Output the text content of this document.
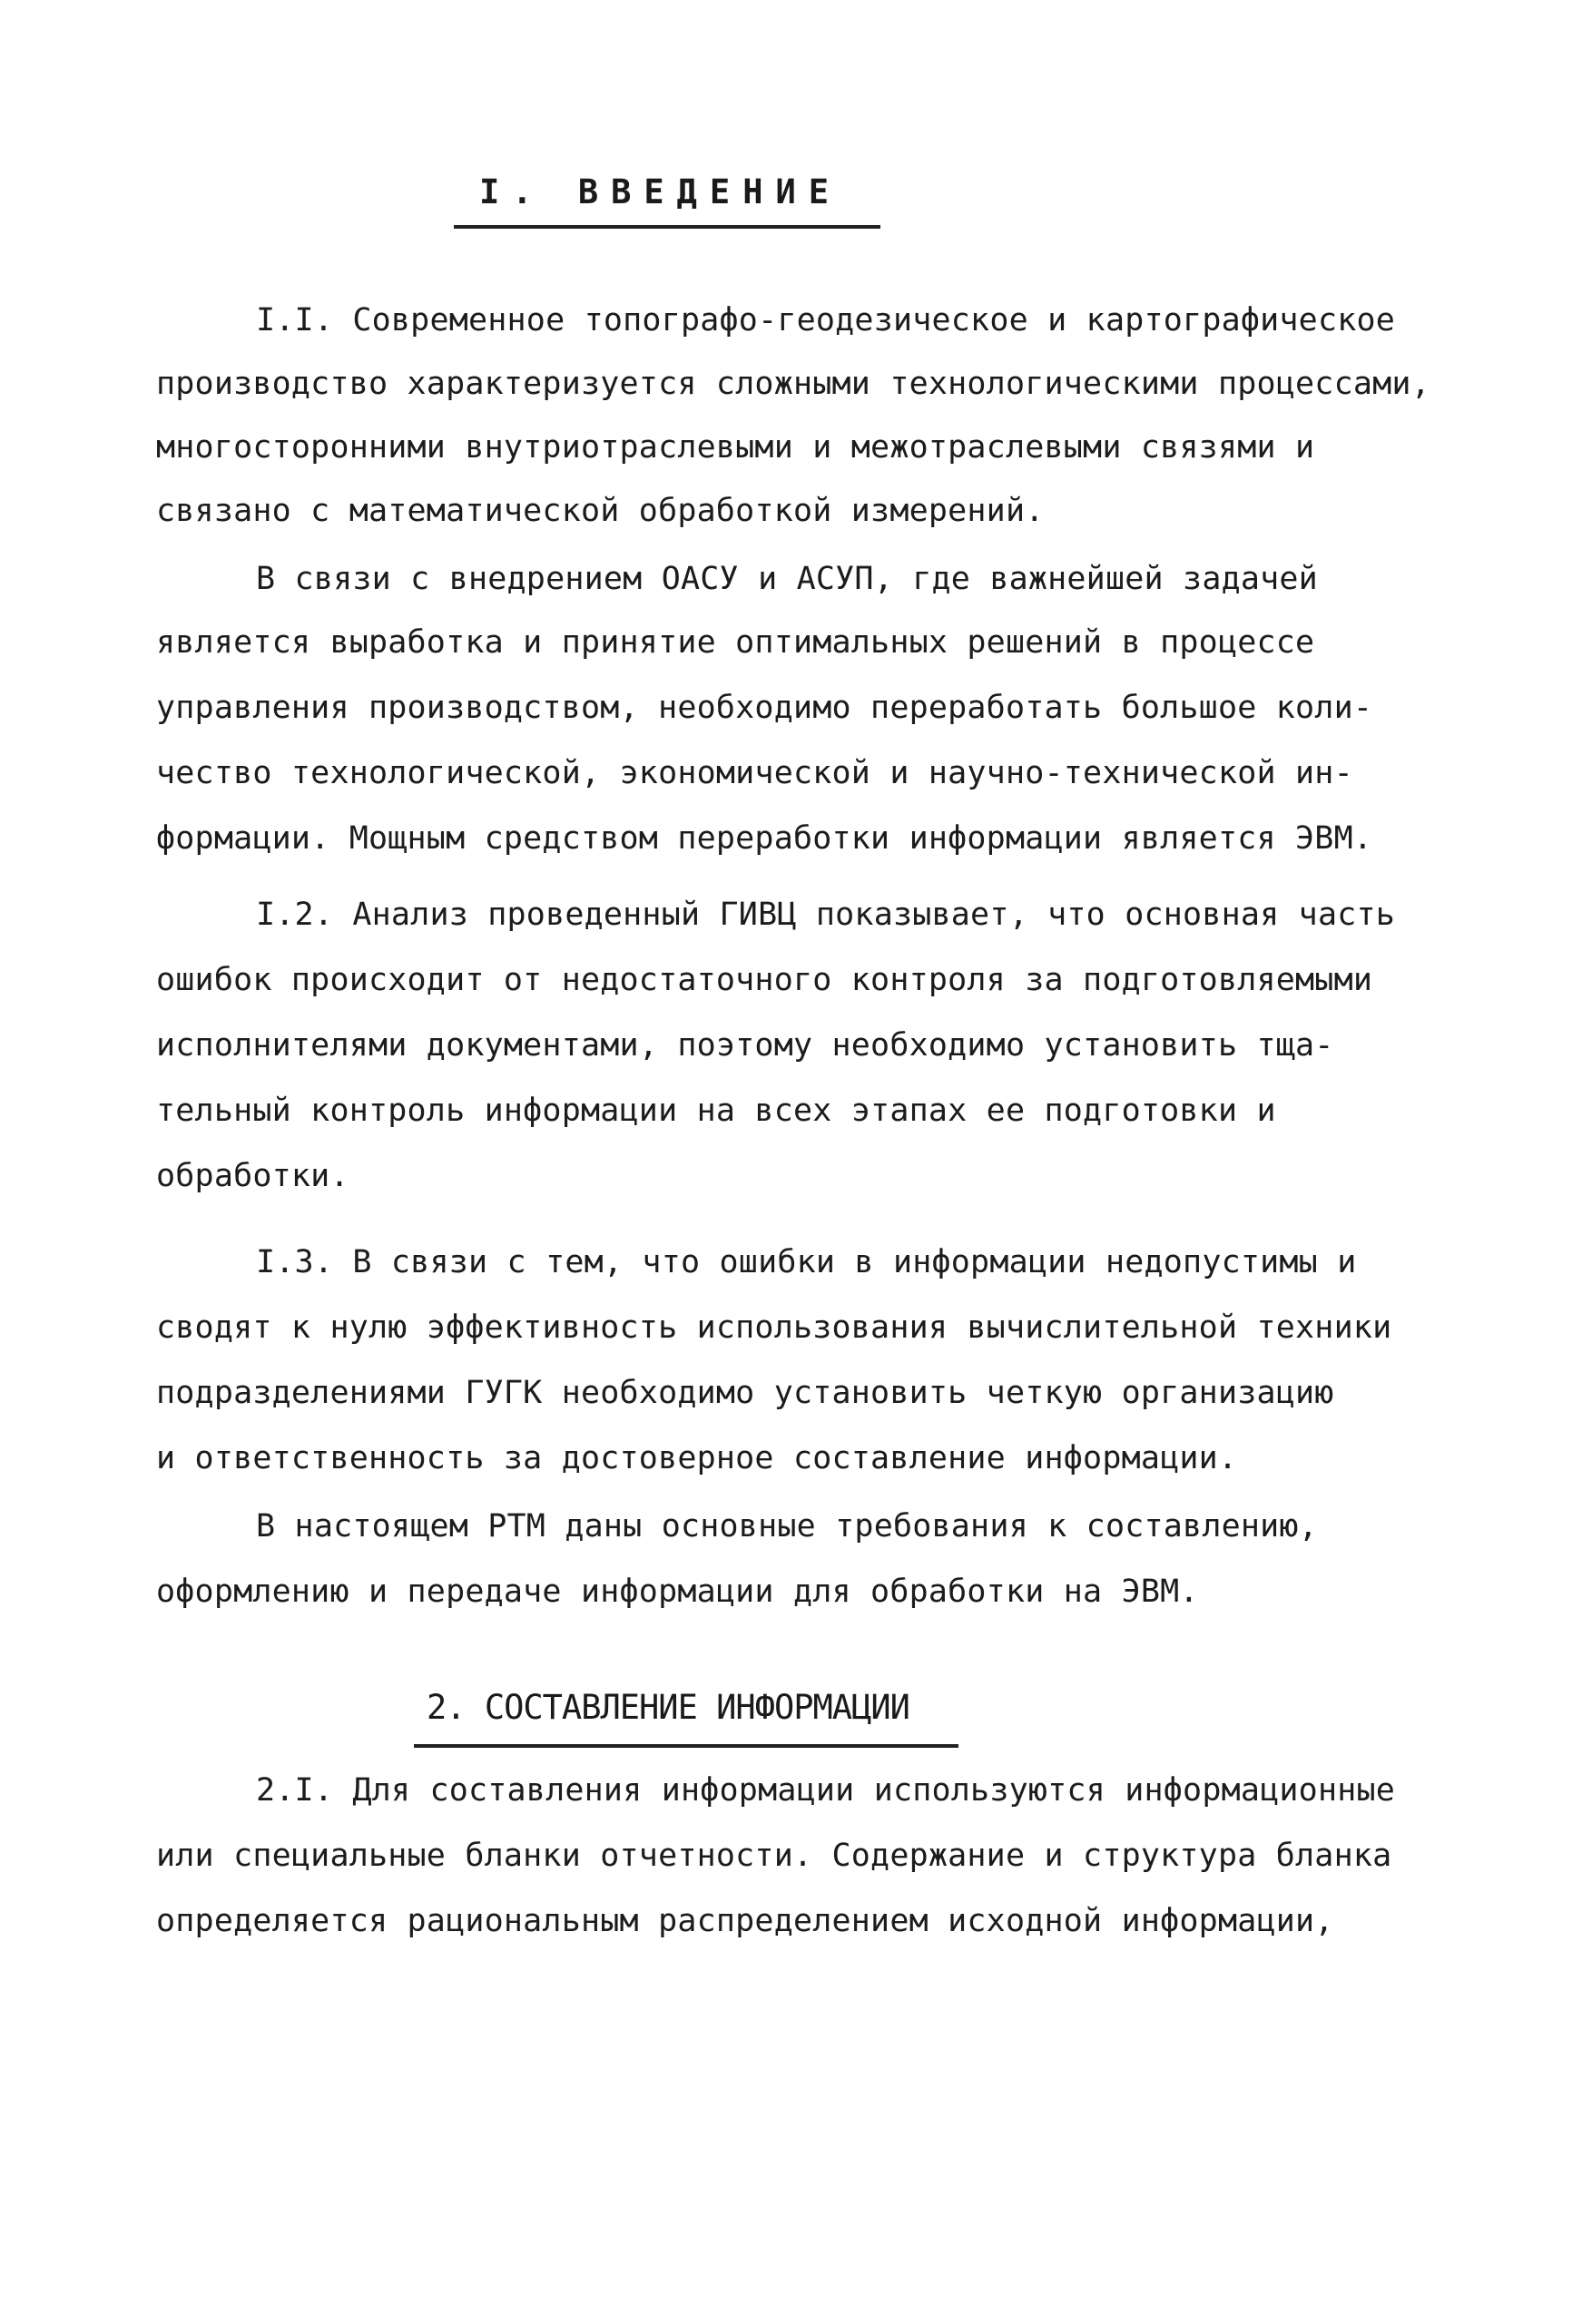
I. ВВЕДЕНИЕ
I.I. Современное топографо-геодезическое и картографическое
производство характеризуется сложными технологическими процессами,
многосторонними внутриотраслевыми и межотраслевыми связями и
связано с математической обработкой измерений.
В связи с внедрением ОАСУ и АСУП, где важнейшей задачей
является выработка и принятие оптимальных решений в процессе
управления производством, необходимо переработать большое коли-
чество технологической, экономической и научно-технической ин-
формации. Мощным средством переработки информации является ЭВМ.
I.2. Анализ проведенный ГИВЦ показывает, что основная часть
ошибок происходит от недостаточного контроля за подготовляемыми
исполнителями документами, поэтому необходимо установить тща-
тельный контроль информации на всех этапах ее подготовки и
обработки.
I.3. В связи с тем, что ошибки в информации недопустимы и
сводят к нулю эффективность использования вычислительной техники
подразделениями ГУГК необходимо установить четкую организацию
и ответственность за достоверное составление информации.
В настоящем РТМ даны основные требования к составлению,
оформлению и передаче информации для обработки на ЭВМ.
2. СОСТАВЛЕНИЕ ИНФОРМАЦИИ
2.I. Для составления информации используются информационные
или специальные бланки отчетности. Содержание и структура бланка
определяется рациональным распределением исходной информации,
